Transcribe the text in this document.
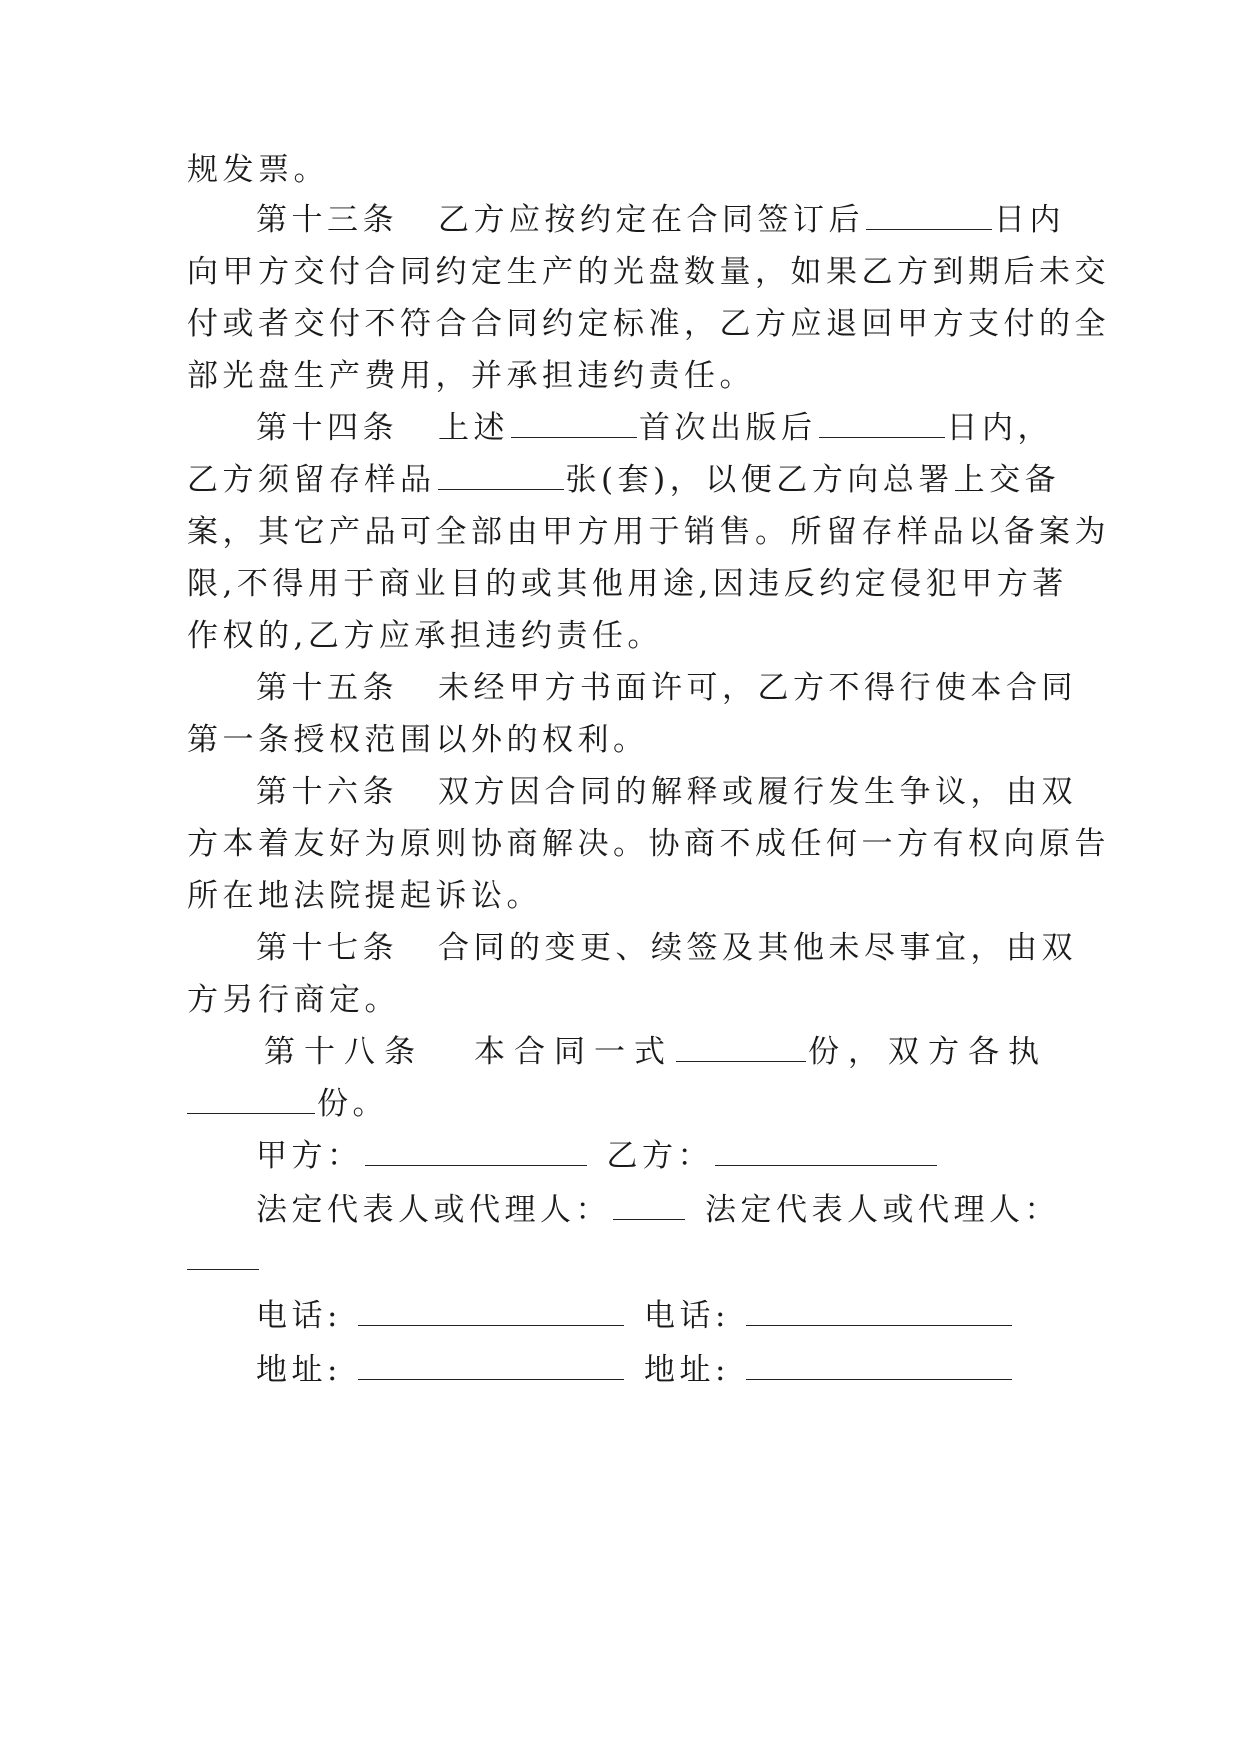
规发票。
第十三条 乙方应按约定在合同签订后	日内
向甲方交付合同约定生产的光盘数量，如果乙方到期后未交
付或者交付不符合合同约定标准，乙方应退回甲方支付的全
部光盘生产费用，并承担违约责任。
第十四条 上述	首次出版后	日内，
乙方须留存样品	张(套)，以便乙方向总署上交备
案，其它产品可全部由甲方用于销售。所留存样品以备案为
限,不得用于商业目的或其他用途,因违反约定侵犯甲方著
作权的,乙方应承担违约责任。
第十五条 未经甲方书面许可，乙方不得行使本合同
第一条授权范围以外的权利。
第十六条 双方因合同的解释或履行发生争议，由双
方本着友好为原则协商解决。协商不成任何一方有权向原告
所在地法院提起诉讼。
第十七条 合同的变更、续签及其他未尽事宜，由双
方另行商定。
第十八条 本合同一式	份，双方各执
份。
甲方：	乙方：
法定代表人或代理人：	法定代表人或代理人：
电话:	电话:
地址:	地址:
